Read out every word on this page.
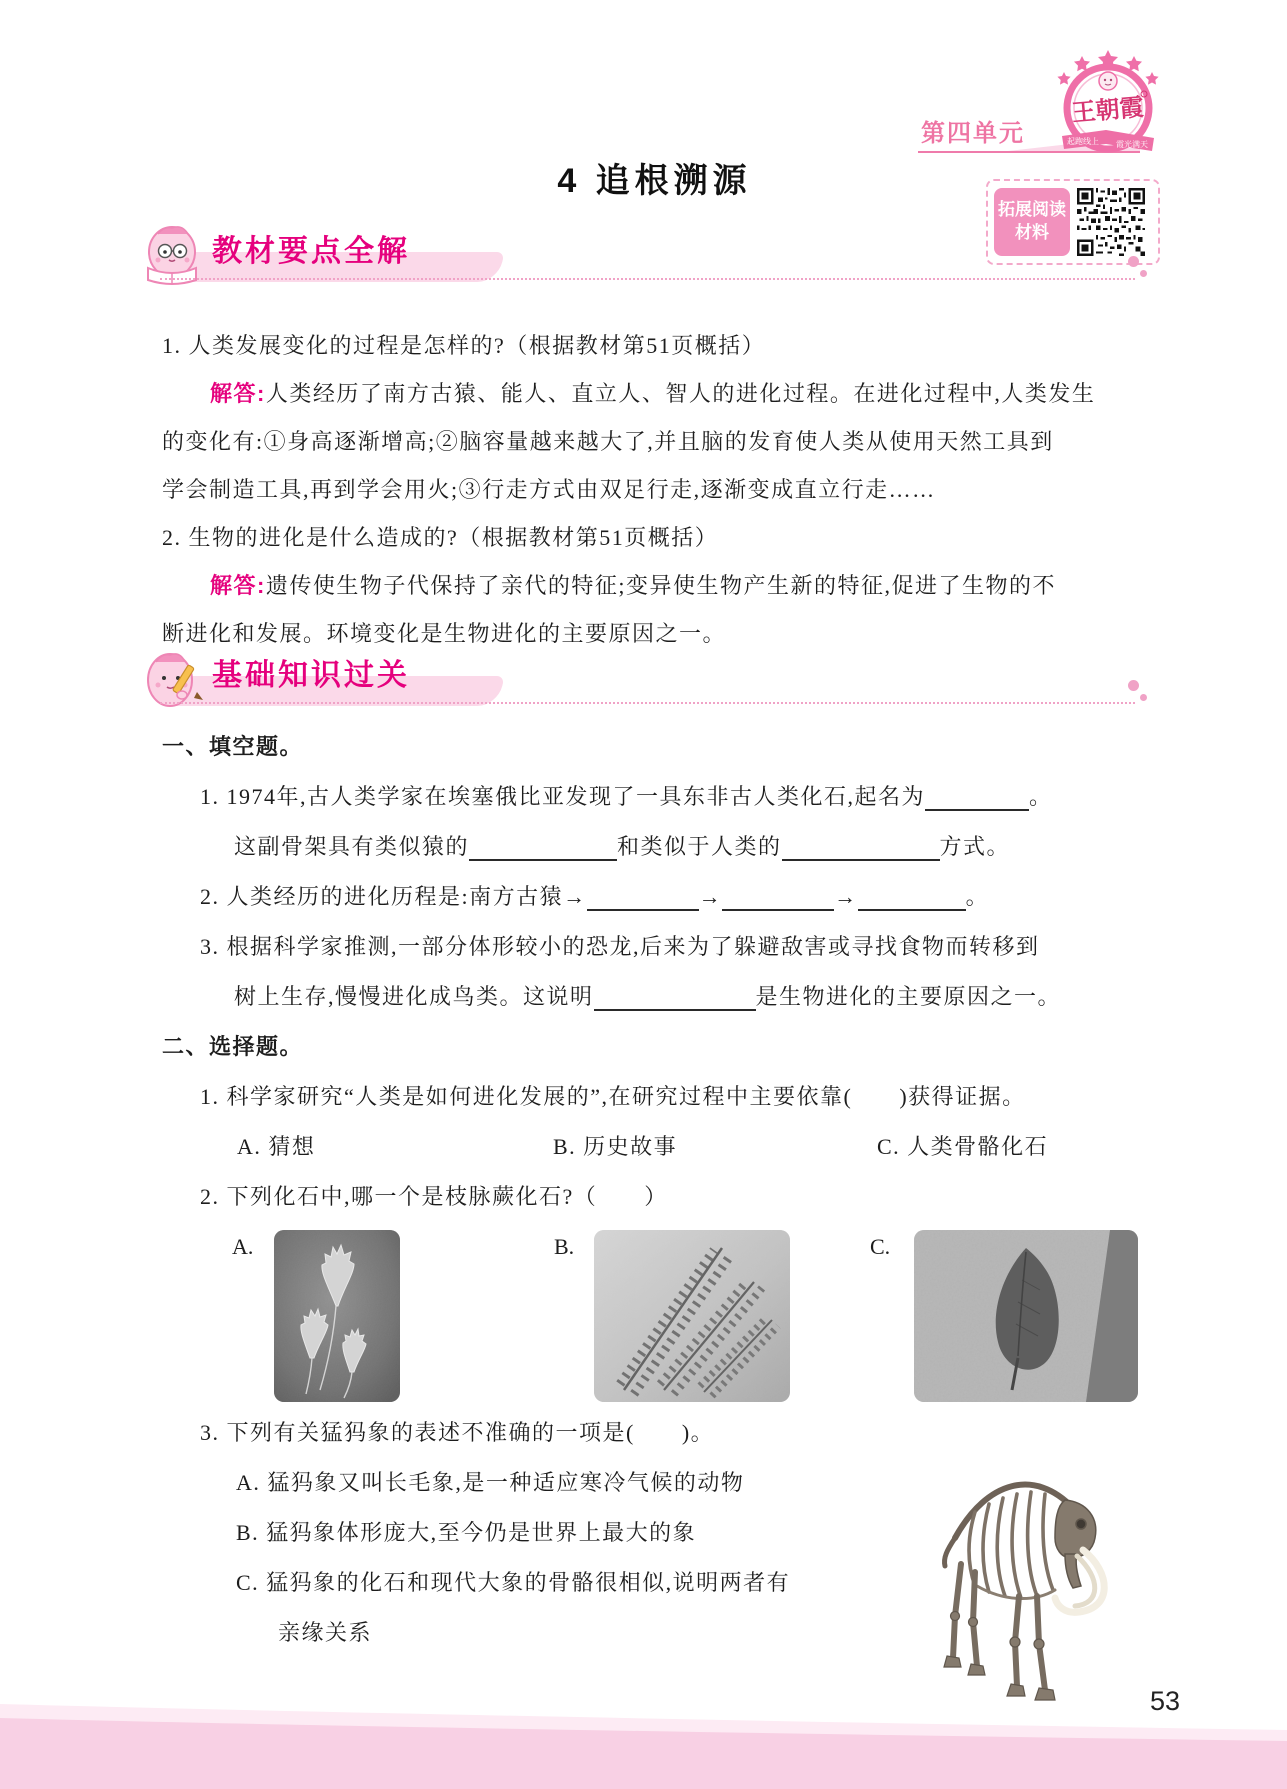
第四单元
王朝霞
起跑线上 霞光满天
4 追根溯源
拓展阅读
材料
教材要点全解
1. 人类发展变化的过程是怎样的?（根据教材第51页概括）
解答:人类经历了南方古猿、能人、直立人、智人的进化过程。在进化过程中,人类发生
的变化有:①身高逐渐增高;②脑容量越来越大了,并且脑的发育使人类从使用天然工具到
学会制造工具,再到学会用火;③行走方式由双足行走,逐渐变成直立行走……
2. 生物的进化是什么造成的?（根据教材第51页概括）
解答:遗传使生物子代保持了亲代的特征;变异使生物产生新的特征,促进了生物的不
断进化和发展。环境变化是生物进化的主要原因之一。
基础知识过关
一、填空题。
1. 1974年,古人类学家在埃塞俄比亚发现了一具东非古人类化石,起名为	。
这副骨架具有类似猿的	和类似于人类的	方式。
2. 人类经历的进化历程是:南方古猿→	→	→	。
3. 根据科学家推测,一部分体形较小的恐龙,后来为了躲避敌害或寻找食物而转移到
树上生存,慢慢进化成鸟类。这说明	是生物进化的主要原因之一。
二、选择题。
1. 科学家研究“人类是如何进化发展的”,在研究过程中主要依靠(　　)获得证据。
A. 猜想	B. 历史故事	C. 人类骨骼化石
2. 下列化石中,哪一个是枝脉蕨化石?（　　）
A.	B.	C.
3. 下列有关猛犸象的表述不准确的一项是(　　)。
A. 猛犸象又叫长毛象,是一种适应寒冷气候的动物
B. 猛犸象体形庞大,至今仍是世界上最大的象
C. 猛犸象的化石和现代大象的骨骼很相似,说明两者有
亲缘关系
53
